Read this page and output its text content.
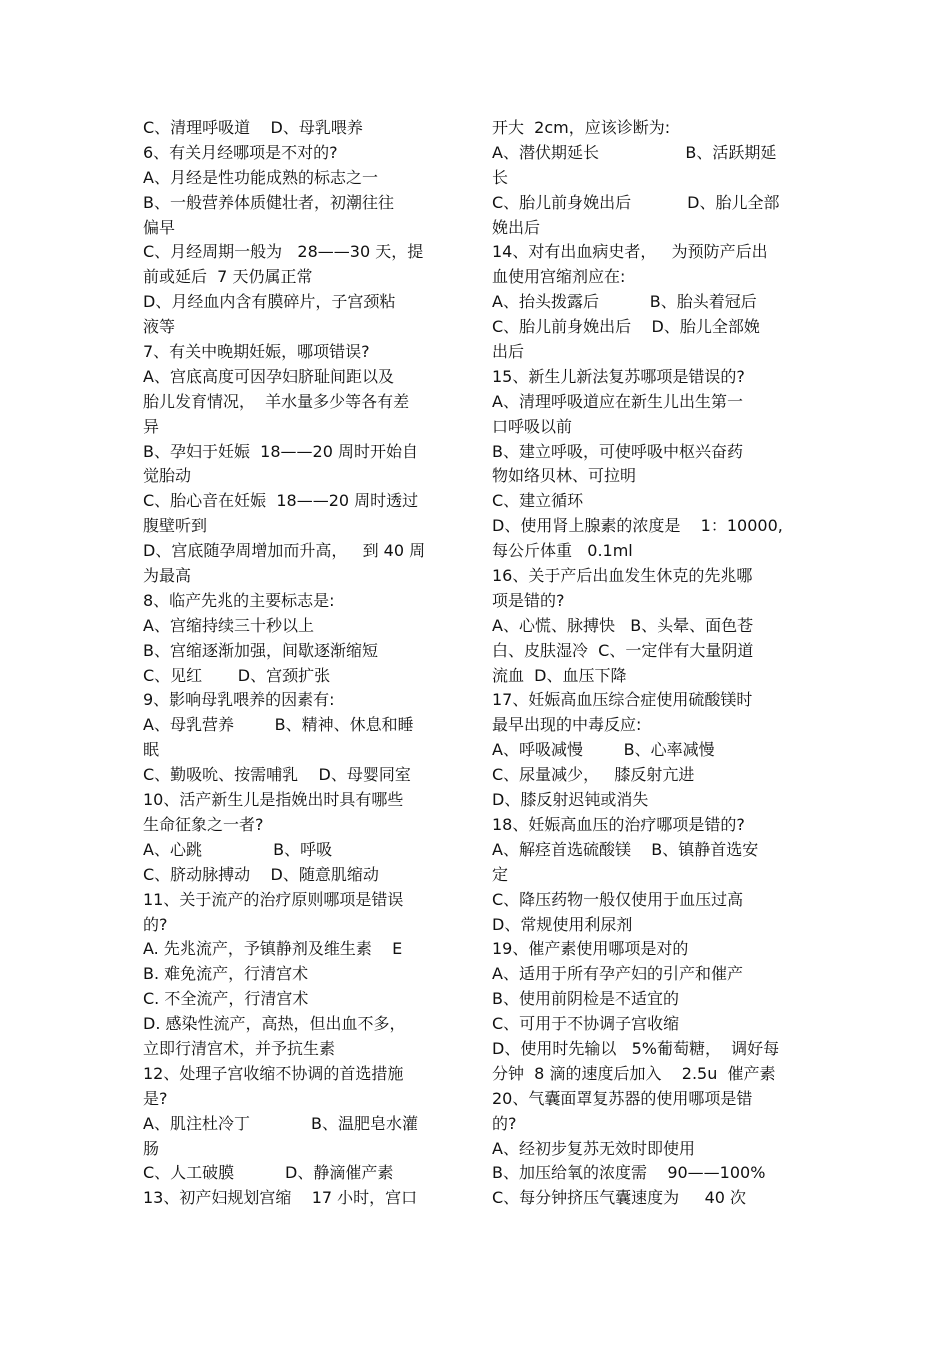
C、清理呼吸道    D、母乳喂养
6、有关月经哪项是不对的?
A、月经是性功能成熟的标志之一
B、一般营养体质健壮者，初潮往往
偏早
C、月经周期一般为   28——30 天，提
前或延后  7 天仍属正常
D、月经血内含有膜碎片，子宫颈粘
液等
7、有关中晚期妊娠，哪项错误?
A、宫底高度可因孕妇脐耻间距以及
胎儿发育情况，  羊水量多少等各有差
异
B、孕妇于妊娠  18——20 周时开始自
觉胎动
C、胎心音在妊娠  18——20 周时透过
腹壁听到
D、宫底随孕周增加而升高，   到 40 周
为最高
8、临产先兆的主要标志是:
A、宫缩持续三十秒以上
B、宫缩逐渐加强，间歇逐渐缩短
C、见红       D、宫颈扩张
9、影响母乳喂养的因素有:
A、母乳营养        B、精神、休息和睡
眠
C、勤吸吮、按需哺乳    D、母婴同室
10、活产新生儿是指娩出时具有哪些
生命征象之一者?
A、心跳              B、呼吸
C、脐动脉搏动    D、随意肌缩动
11、关于流产的治疗原则哪项是错误
的?
A. 先兆流产，予镇静剂及维生素    E
B. 难免流产，行清宫术
C. 不全流产，行清宫术
D. 感染性流产，高热，但出血不多，
立即行清宫术，并予抗生素
12、处理子宫收缩不协调的首选措施
是?
A、肌注杜冷丁            B、温肥皂水灌
肠
C、人工破膜          D、静滴催产素
13、初产妇规划宫缩    17 小时，宫口
开大  2cm，应该诊断为:
A、潜伏期延长                 B、活跃期延
长
C、胎儿前身娩出后           D、胎儿全部
娩出后
14、对有出血病史者，   为预防产后出
血使用宫缩剂应在:
A、抬头拨露后          B、胎头着冠后
C、胎儿前身娩出后    D、胎儿全部娩
出后
15、新生儿新法复苏哪项是错误的?
A、清理呼吸道应在新生儿出生第一
口呼吸以前
B、建立呼吸，可使呼吸中枢兴奋药
物如络贝林、可拉明
C、建立循环
D、使用肾上腺素的浓度是    1：10000,
每公斤体重   0.1ml
16、关于产后出血发生休克的先兆哪
项是错的?
A、心慌、脉搏快   B、头晕、面色苍
白、皮肤湿冷  C、一定伴有大量阴道
流血  D、血压下降
17、妊娠高血压综合症使用硫酸镁时
最早出现的中毒反应:
A、呼吸减慢        B、心率减慢
C、尿量减少，   膝反射亢进
D、膝反射迟钝或消失
18、妊娠高血压的治疗哪项是错的?
A、解痉首选硫酸镁    B、镇静首选安
定
C、降压药物一般仅使用于血压过高
D、常规使用利尿剂
19、催产素使用哪项是对的
A、适用于所有孕产妇的引产和催产
B、使用前阴检是不适宜的
C、可用于不协调子宫收缩
D、使用时先输以   5%葡萄糖，  调好每
分钟  8 滴的速度后加入    2.5u  催产素
20、气囊面罩复苏器的使用哪项是错
的?
A、经初步复苏无效时即使用
B、加压给氧的浓度需    90——100%
C、每分钟挤压气囊速度为     40 次
